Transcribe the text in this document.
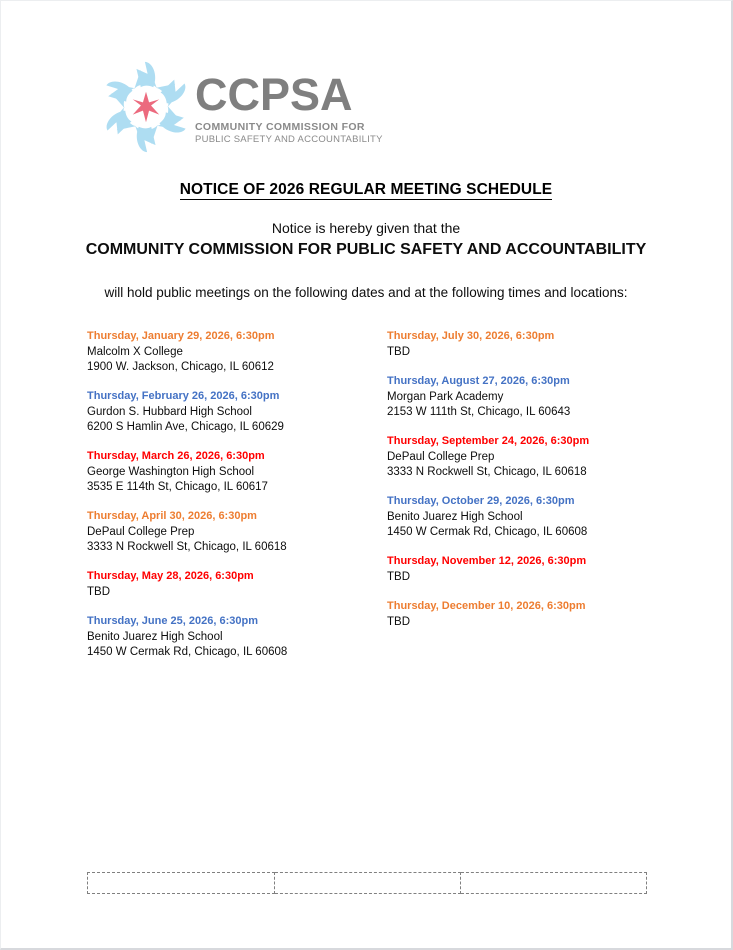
CCPSA
COMMUNITY COMMISSION FOR
PUBLIC SAFETY AND ACCOUNTABILITY
NOTICE OF 2026 REGULAR MEETING SCHEDULE
Notice is hereby given that the
COMMUNITY COMMISSION FOR PUBLIC SAFETY AND ACCOUNTABILITY
will hold public meetings on the following dates and at the following times and locations:
Thursday, January 29, 2026, 6:30pm
Malcolm X College
1900 W. Jackson, Chicago, IL 60612
Thursday, February 26, 2026, 6:30pm
Gurdon S. Hubbard High School
6200 S Hamlin Ave, Chicago, IL 60629
Thursday, March 26, 2026, 6:30pm
George Washington High School
3535 E 114th St, Chicago, IL 60617
Thursday, April 30, 2026, 6:30pm
DePaul College Prep
3333 N Rockwell St, Chicago, IL 60618
Thursday, May 28, 2026, 6:30pm
TBD
Thursday, June 25, 2026, 6:30pm
Benito Juarez High School
1450 W Cermak Rd, Chicago, IL 60608
Thursday, July 30, 2026, 6:30pm
TBD
Thursday, August 27, 2026, 6:30pm
Morgan Park Academy
2153 W 111th St, Chicago, IL 60643
Thursday, September 24, 2026, 6:30pm
DePaul College Prep
3333 N Rockwell St, Chicago, IL 60618
Thursday, October 29, 2026, 6:30pm
Benito Juarez High School
1450 W Cermak Rd, Chicago, IL 60608
Thursday, November 12, 2026, 6:30pm
TBD
Thursday, December 10, 2026, 6:30pm
TBD
